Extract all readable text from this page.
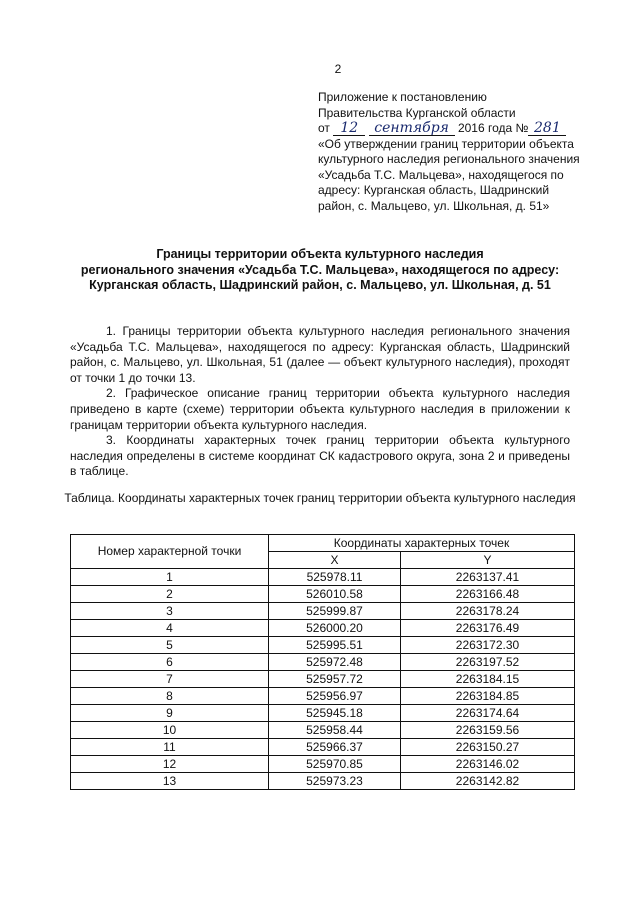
2
Приложение к постановлению
Правительства Курганской области
от 12 сентября 2016 года № 281
«Об утверждении границ территории объекта
культурного наследия регионального значения
«Усадьба Т.С. Мальцева», находящегося по
адресу: Курганская область, Шадринский
район, с. Мальцево, ул. Школьная, д. 51»
Границы территории объекта культурного наследия
регионального значения «Усадьба Т.С. Мальцева», находящегося по адресу:
Курганская область, Шадринский район, с. Мальцево, ул. Школьная, д. 51

1. Границы территории объекта культурного наследия регионального значения «Усадьба Т.С. Мальцева», находящегося по адресу: Курганская область, Шадринский район, с. Мальцево, ул. Школьная, 51 (далее — объект культурного наследия), проходят от точки 1 до точки 13.

2. Графическое описание границ территории объекта культурного наследия приведено в карте (схеме) территории объекта культурного наследия в приложении к границам территории объекта культурного наследия.

3. Координаты характерных точек границ территории объекта культурного наследия определены в системе координат СК кадастрового округа, зона 2 и приведены в таблице.

Таблица. Координаты характерных точек границ территории объекта культурного наследия
Номер характерной точки	Координаты характерных точек	
	X	Y
1	525978.11	2263137.41
2	526010.58	2263166.48
3	525999.87	2263178.24
4	526000.20	2263176.49
5	525995.51	2263172.30
6	525972.48	2263197.52
7	525957.72	2263184.15
8	525956.97	2263184.85
9	525945.18	2263174.64
10	525958.44	2263159.56
11	525966.37	2263150.27
12	525970.85	2263146.02
13	525973.23	2263142.82
